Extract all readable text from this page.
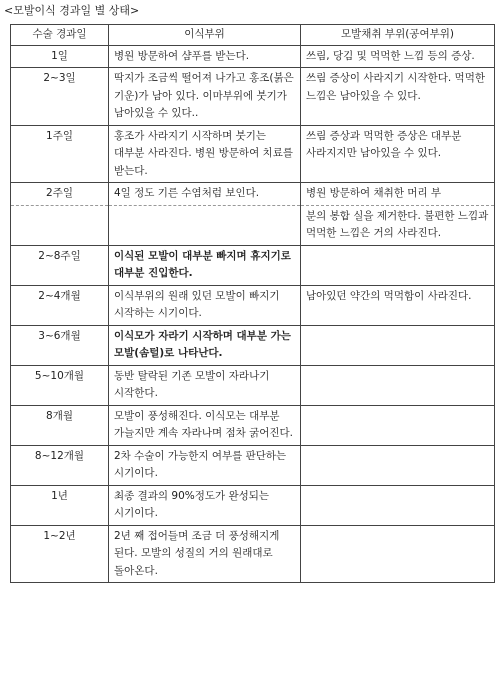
<모발이식 경과일 별 상태>
수술 경과일	이식부위	모발채취 부위(공여부위)
1일	병원 방문하여 샴푸를 받는다.	쓰림, 당김 및 먹먹한 느낌 등의 증상.
2~3일	딱지가 조금씩 떨어져 나가고 홍조(붉은 기운)가 남아 있다. 이마부위에 붓기가 남아있을 수 있다..	쓰림 증상이 사라지기 시작한다. 먹먹한 느낌은 남아있을 수 있다.
1주일	홍조가 사라지기 시작하며 붓기는 대부분 사라진다. 병원 방문하여 치료를 받는다.	쓰림 증상과 먹먹한 증상은 대부분 사라지지만 남아있을 수 있다.
2주일	4일 정도 기른 수염처럼 보인다.	병원 방문하여 채취한 머리 부
		분의 봉합 실을 제거한다. 불편한 느낌과 먹먹한 느낌은 거의 사라진다.
2~8주일	이식된 모발이 대부분 빠지며 휴지기로 대부분 진입한다.	
2~4개월	이식부위의 원래 있던 모발이 빠지기 시작하는 시기이다.	남아있던 약간의 먹먹함이 사라진다.
3~6개월	이식모가 자라기 시작하며 대부분 가는 모발(솜털)로 나타난다.	
5~10개월	동반 탈락된 기존 모발이 자라나기 시작한다.	
8개월	모발이 풍성해진다. 이식모는 대부분 가늘지만 계속 자라나며 점차 굵어진다.	
8~12개월	2차 수술이 가능한지 여부를 판단하는 시기이다.	
1년	최종 결과의 90%정도가 완성되는 시기이다.	
1~2년	2년 째 접어들며 조금 더 풍성해지게 된다. 모발의 성질의 거의 원래대로 돌아온다.	
